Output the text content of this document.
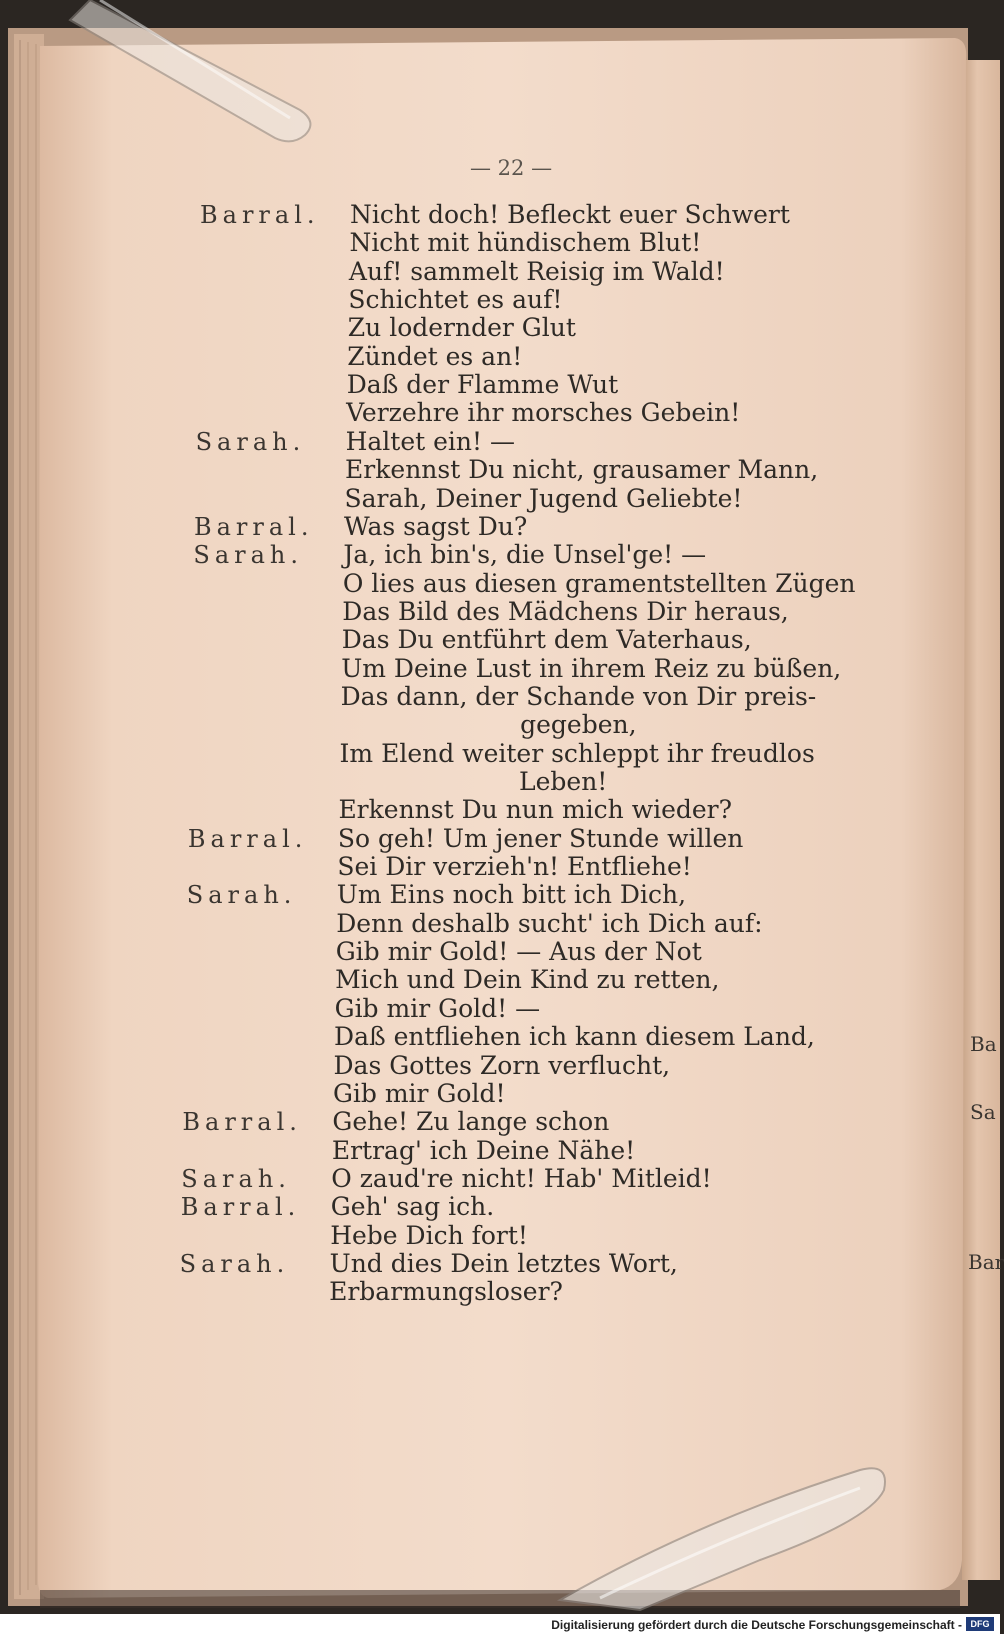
— 22 —
Barral. Nicht doch! Befleckt euer Schwert
Nicht mit hündischem Blut!
Auf! sammelt Reisig im Wald!
Schichtet es auf!
Zu lodernder Glut
Zündet es an!
Daß der Flamme Wut
Verzehre ihr morsches Gebein!
Sarah. Haltet ein! —
Erkennst Du nicht, grausamer Mann,
Sarah, Deiner Jugend Geliebte!
Barral. Was sagst Du?
Sarah. Ja, ich bin's, die Unsel'ge! —
O lies aus diesen gramentstellten Zügen
Das Bild des Mädchens Dir heraus,
Das Du entführt dem Vaterhaus,
Um Deine Lust in ihrem Reiz zu büßen,
Das dann, der Schande von Dir preis-
gegeben,
Im Elend weiter schleppt ihr freudlos
Leben!
Erkennst Du nun mich wieder?
Barral. So geh! Um jener Stunde willen
Sei Dir verzieh'n! Entfliehe!
Sarah. Um Eins noch bitt ich Dich,
Denn deshalb sucht' ich Dich auf:
Gib mir Gold! — Aus der Not
Mich und Dein Kind zu retten,
Gib mir Gold! —
Daß entfliehen ich kann diesem Land,
Das Gottes Zorn verflucht,
Gib mir Gold!
Barral. Gehe! Zu lange schon
Ertrag' ich Deine Nähe!
Sarah. O zaud're nicht! Hab' Mitleid!
Barral. Geh' sag ich.
Hebe Dich fort!
Sarah. Und dies Dein letztes Wort,
Erbarmungsloser?
Ba
Sa
Bar
Digitalisierung gefördert durch die Deutsche Forschungsgemeinschaft - DFG
